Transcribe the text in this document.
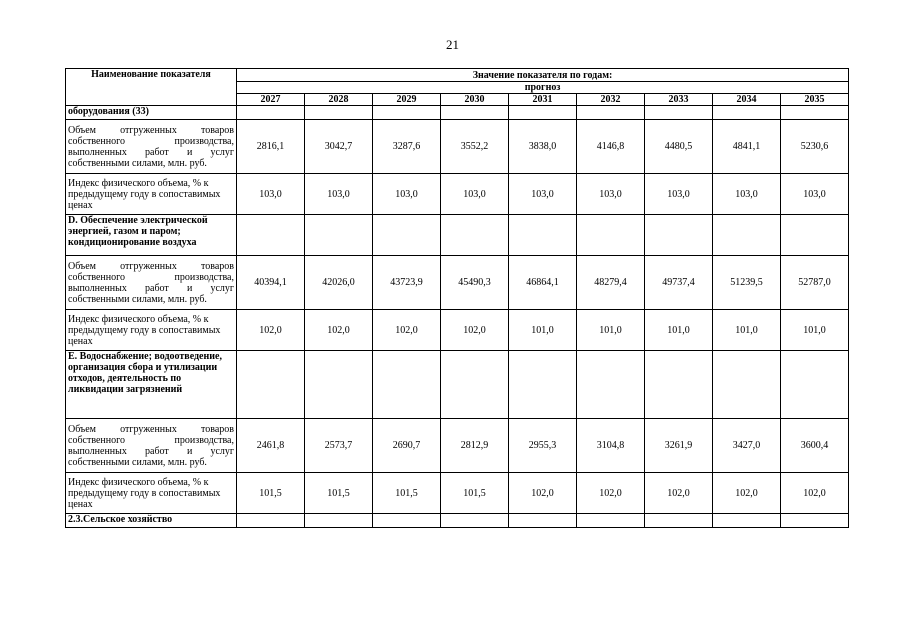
21
Наименование показателя	Значение показателя по годам:								
	прогноз								
	2027	2028	2029	2030	2031	2032	2033	2034	2035
оборудования (33)									
Объем отгруженных товаров собственного производства, выполненных работ и услуг собственными силами, млн. руб.	2816,1	3042,7	3287,6	3552,2	3838,0	4146,8	4480,5	4841,1	5230,6
Индекс физического объема, % к предыдущему году в сопоставимых ценах	103,0	103,0	103,0	103,0	103,0	103,0	103,0	103,0	103,0
D. Обеспечение электрической энергией, газом и паром; кондиционирование воздуха									
Объем отгруженных товаров собственного производства, выполненных работ и услуг собственными силами, млн. руб.	40394,1	42026,0	43723,9	45490,3	46864,1	48279,4	49737,4	51239,5	52787,0
Индекс физического объема, % к предыдущему году в сопоставимых ценах	102,0	102,0	102,0	102,0	101,0	101,0	101,0	101,0	101,0
E. Водоснабжение; водоотведение, организация сбора и утилизации отходов, деятельность по ликвидации загрязнений									
Объем отгруженных товаров собственного производства, выполненных работ и услуг собственными силами, млн. руб.	2461,8	2573,7	2690,7	2812,9	2955,3	3104,8	3261,9	3427,0	3600,4
Индекс физического объема, % к предыдущему году в сопоставимых ценах	101,5	101,5	101,5	101,5	102,0	102,0	102,0	102,0	102,0
2.3.Сельское хозяйство									
